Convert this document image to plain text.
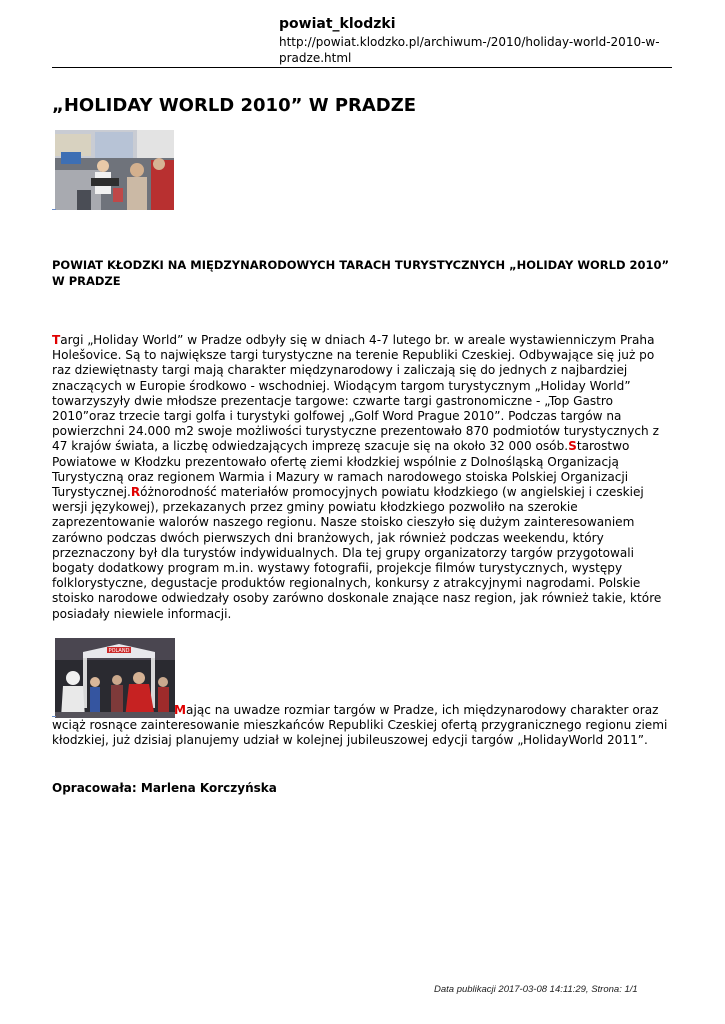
powiat_klodzki
http://powiat.klodzko.pl/archiwum-/2010/holiday-world-2010-w-pradze.html
„HOLIDAY WORLD 2010” W PRADZE

POWIAT KŁODZKI NA MIĘDZYNARODOWYCH TARACH TURYSTYCZNYCH „HOLIDAY WORLD 2010” W PRADZE

Targi „Holiday World” w Pradze odbyły się w dniach 4-7 lutego br. w areale wystawienniczym Praha Holešovice. Są to największe targi turystyczne na terenie Republiki Czeskiej. Odbywające się już po raz dziewiętnasty targi mają charakter międzynarodowy i zaliczają się do jednych z najbardziej znaczących w Europie środkowo - wschodniej. Wiodącym targom turystycznym „Holiday World” towarzyszyły dwie młodsze prezentacje targowe: czwarte targi gastronomiczne - „Top Gastro 2010”oraz trzecie targi golfa i turystyki golfowej „Golf Word Prague 2010”. Podczas targów na powierzchni 24.000 m2 swoje możliwości turystyczne prezentowało 870 podmiotów turystycznych z 47 krajów świata, a liczbę odwiedzających imprezę szacuje się na około 32 000 osób.Starostwo Powiatowe w Kłodzku prezentowało ofertę ziemi kłodzkiej wspólnie z Dolnośląską Organizacją Turystyczną oraz regionem Warmia i Mazury w ramach narodowego stoiska Polskiej Organizacji Turystycznej.Różnorodność materiałów promocyjnych powiatu kłodzkiego (w angielskiej i czeskiej wersji językowej), przekazanych przez gminy powiatu kłodzkiego pozwoliło na szerokie zaprezentowanie walorów naszego regionu. Nasze stoisko cieszyło się dużym zainteresowaniem zarówno podczas dwóch pierwszych dni branżowych, jak również podczas weekendu, który przeznaczony był dla turystów indywidualnych. Dla tej grupy organizatorzy targów przygotowali bogaty dodatkowy program m.in. wystawy fotografii, projekcje filmów turystycznych, występy folklorystyczne, degustacje produktów regionalnych, konkursy z atrakcyjnymi nagrodami. Polskie stoisko narodowe odwiedzały osoby zarówno doskonale znające nasz region, jak również takie, które posiadały niewiele informacji.

POLAND

Mając na uwadze rozmiar targów w Pradze, ich międzynarodowy charakter oraz wciąż rosnące zainteresowanie mieszkańców Republiki Czeskiej ofertą przygranicznego regionu ziemi kłodzkiej, już dzisiaj planujemy udział w kolejnej jubileuszowej edycji targów „HolidayWorld 2011”.

Opracowała: Marlena Korczyńska

Data publikacji 2017-03-08 14:11:29, Strona: 1/1
